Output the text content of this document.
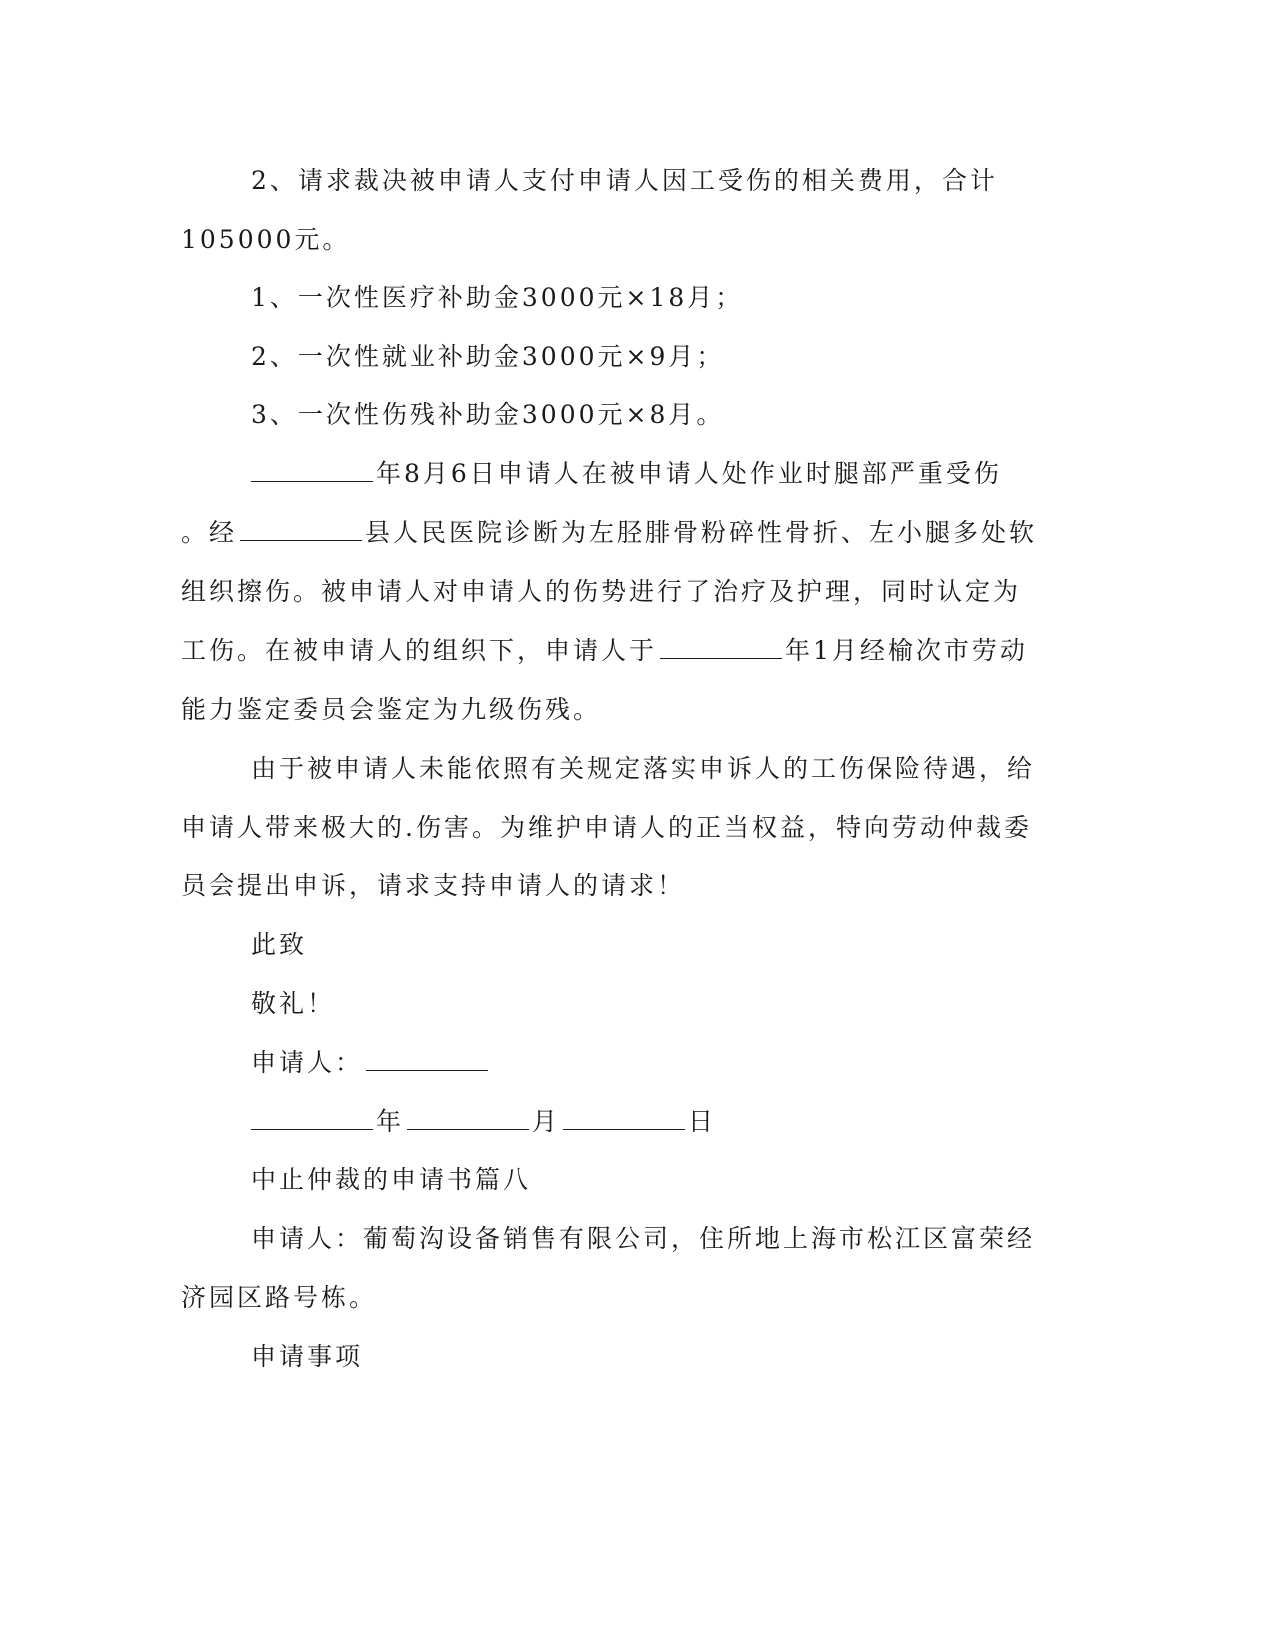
2、请求裁决被申请人支付申请人因工受伤的相关费用，合计
105000元。
1、一次性医疗补助金3000元×18月；
2、一次性就业补助金3000元×9月；
3、一次性伤残补助金3000元×8月。
年8月6日申请人在被申请人处作业时腿部严重受伤
。经	县人民医院诊断为左胫腓骨粉碎性骨折、左小腿多处软
组织擦伤。被申请人对申请人的伤势进行了治疗及护理，同时认定为
工伤。在被申请人的组织下，申请人于	年1月经榆次市劳动
能力鉴定委员会鉴定为九级伤残。
由于被申请人未能依照有关规定落实申诉人的工伤保险待遇，给
申请人带来极大的.伤害。为维护申请人的正当权益，特向劳动仲裁委
员会提出申诉，请求支持申请人的请求！
此致
敬礼！
申请人：
年	月	日
中止仲裁的申请书篇八
申请人：葡萄沟设备销售有限公司，住所地上海市松江区富荣经
济园区路号栋。
申请事项
